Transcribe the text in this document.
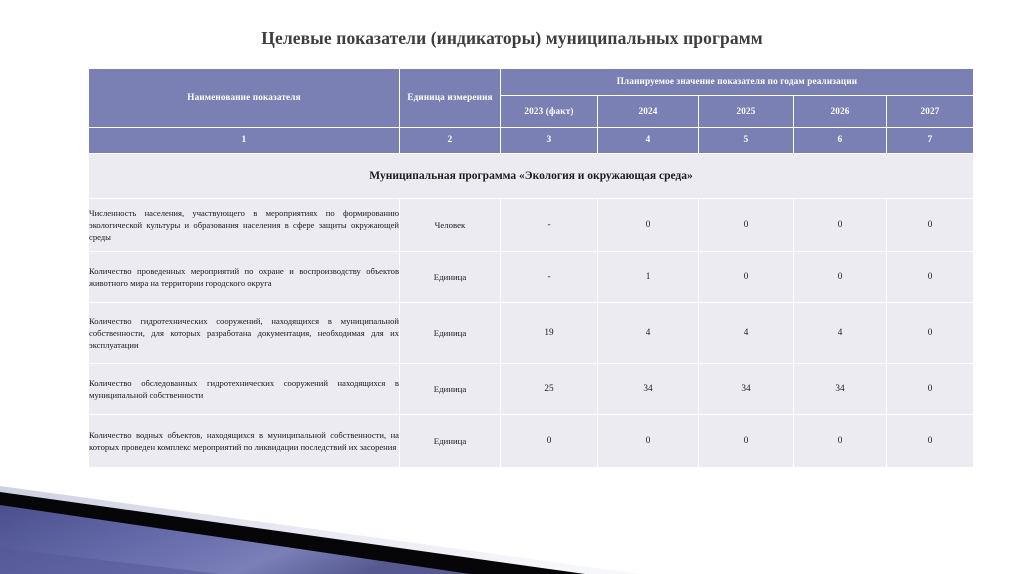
Целевые показатели (индикаторы) муниципальных программ
Наименование показателя	Единица измерения	Планируемое значение показателя по годам реализации				
		2023 (факт)	2024	2025	2026	2027
1	2	3	4	5	6	7
Муниципальная программа «Экология и окружающая среда»						
Численность населения, участвующего в мероприятиях по формированию экологической культуры и образования населения в сфере защиты окружающей среды	Человек	-	0	0	0	0
Количество проведенных мероприятий по охране и воспроизводству объектов животного мира на территории городского округа	Единица	-	1	0	0	0
Количество гидротехнических сооружений, находящихся в муниципальной собственности, для которых разработана документация, необходимая для их эксплуатации	Единица	19	4	4	4	0
Количество обследованных гидротехнических сооружений находящихся в муниципальной собственности	Единица	25	34	34	34	0
Количество водных объектов, находящихся в муниципальной собственности, на которых проведен комплекс мероприятий по ликвидации последствий их засорения	Единица	0	0	0	0	0
